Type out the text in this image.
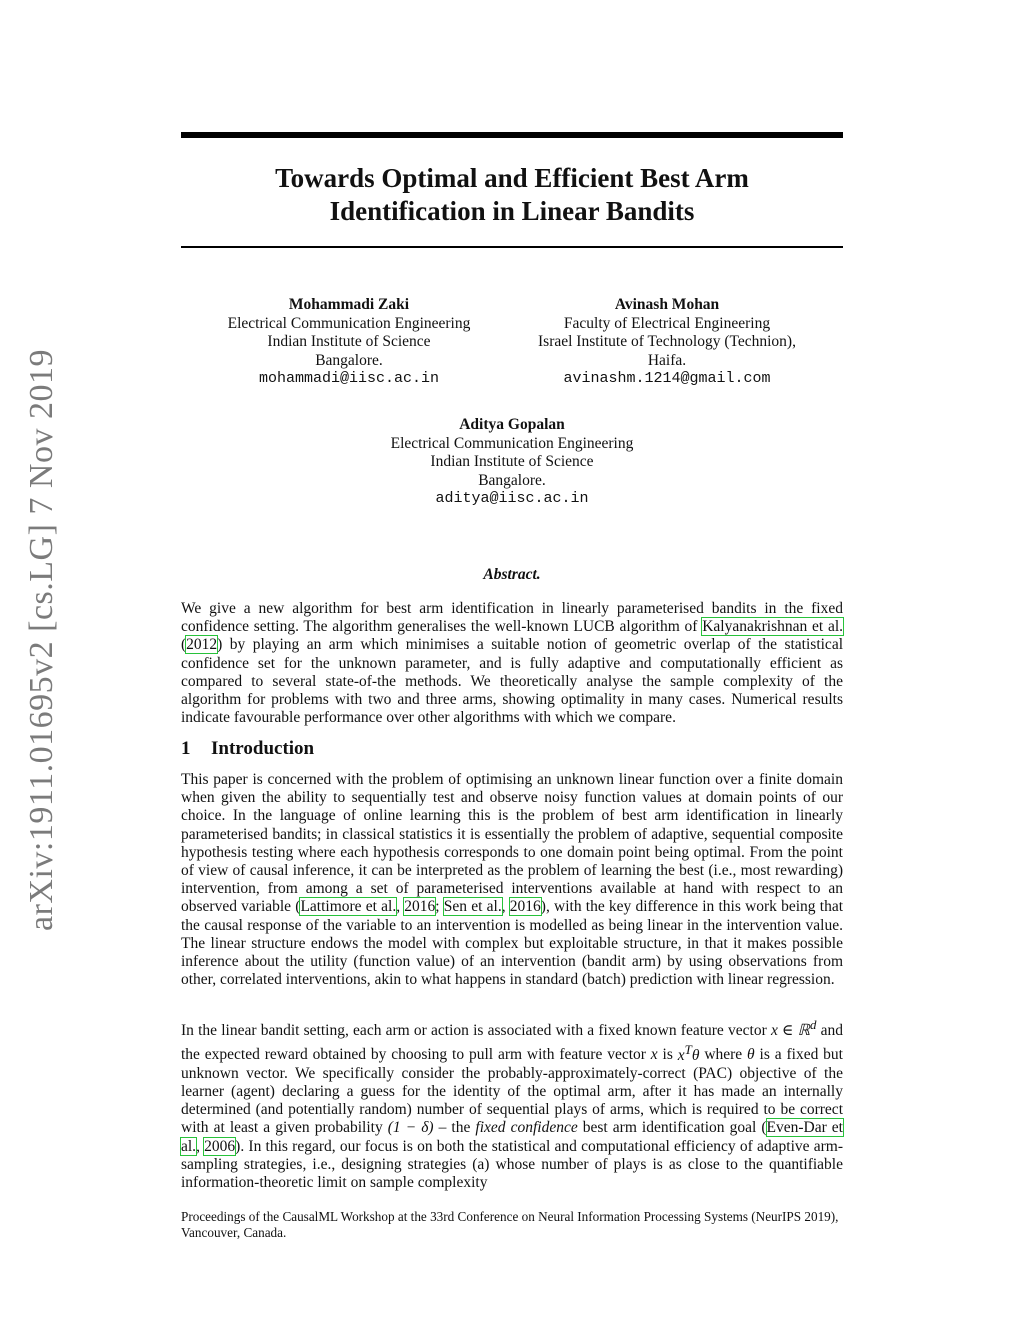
arXiv:1911.01695v2 [cs.LG] 7 Nov 2019
Towards Optimal and Efficient Best Arm
Identification in Linear Bandits
Mohammadi Zaki
Electrical Communication Engineering
Indian Institute of Science
Bangalore.
mohammadi@iisc.ac.in
Avinash Mohan
Faculty of Electrical Engineering
Israel Institute of Technology (Technion),
Haifa.
avinashm.1214@gmail.com
Aditya Gopalan
Electrical Communication Engineering
Indian Institute of Science
Bangalore.
aditya@iisc.ac.in
Abstract.
We give a new algorithm for best arm identification in linearly parameterised bandits in the fixed confidence setting. The algorithm generalises the well-known LUCB algorithm of Kalyanakrishnan et al. (2012) by playing an arm which minimises a suitable notion of geometric overlap of the statistical confidence set for the unknown parameter, and is fully adaptive and computationally efficient as compared to several state-of-the methods. We theoretically analyse the sample complexity of the algorithm for problems with two and three arms, showing optimality in many cases. Numerical results indicate favourable performance over other algorithms with which we compare.
1 Introduction
This paper is concerned with the problem of optimising an unknown linear function over a finite domain when given the ability to sequentially test and observe noisy function values at domain points of our choice. In the language of online learning this is the problem of best arm identification in linearly parameterised bandits; in classical statistics it is essentially the problem of adaptive, sequential composite hypothesis testing where each hypothesis corresponds to one domain point being optimal. From the point of view of causal inference, it can be interpreted as the problem of learning the best (i.e., most rewarding) intervention, from among a set of parameterised interventions available at hand with respect to an observed variable (Lattimore et al., 2016; Sen et al., 2016), with the key difference in this work being that the causal response of the variable to an intervention is modelled as being linear in the intervention value. The linear structure endows the model with complex but exploitable structure, in that it makes possible inference about the utility (function value) of an intervention (bandit arm) by using observations from other, correlated interventions, akin to what happens in standard (batch) prediction with linear regression.
In the linear bandit setting, each arm or action is associated with a fixed known feature vector x ∈ ℝ$^d$ and the expected reward obtained by choosing to pull arm with feature vector x is $x^T\theta$ where θ is a fixed but unknown vector. We specifically consider the probably-approximately-correct (PAC) objective of the learner (agent) declaring a guess for the identity of the optimal arm, after it has made an internally determined (and potentially random) number of sequential plays of arms, which is required to be correct with at least a given probability (1 − δ) – the fixed confidence best arm identification goal (Even-Dar et al., 2006). In this regard, our focus is on both the statistical and computational efficiency of adaptive arm-sampling strategies, i.e., designing strategies (a) whose number of plays is as close to the quantifiable information-theoretic limit on sample complexity
Proceedings of the CausalML Workshop at the 33rd Conference on Neural Information Processing Systems (NeurIPS 2019), Vancouver, Canada.
